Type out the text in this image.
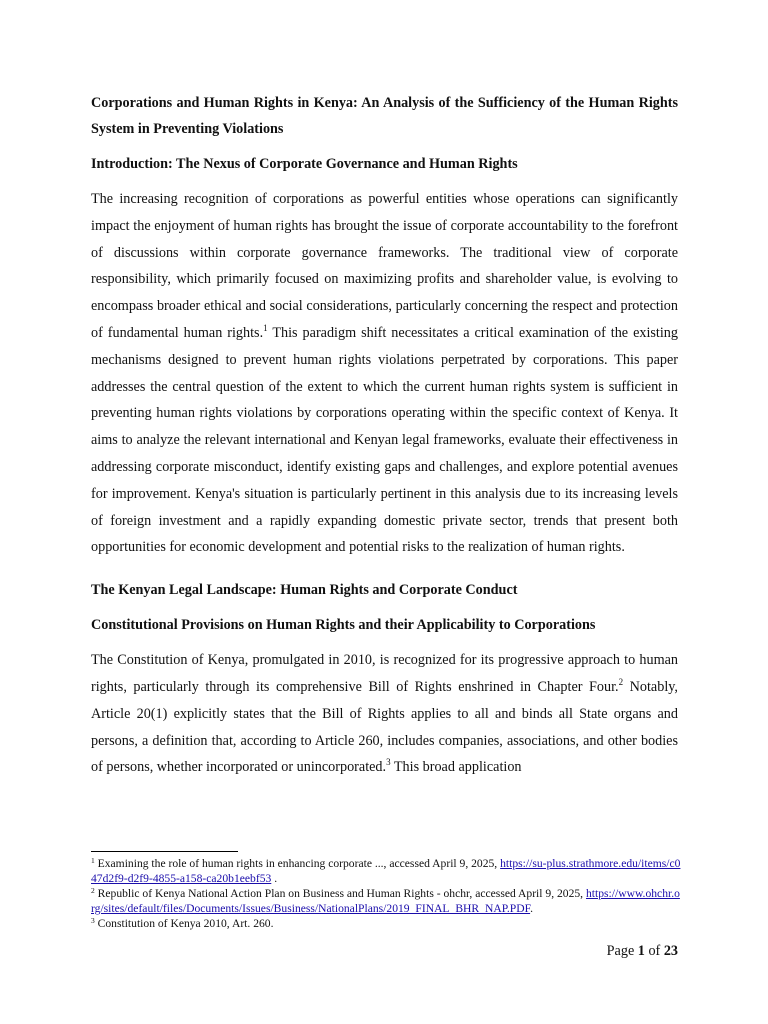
Corporations and Human Rights in Kenya: An Analysis of the Sufficiency of the Human Rights System in Preventing Violations

Introduction: The Nexus of Corporate Governance and Human Rights

The increasing recognition of corporations as powerful entities whose operations can significantly impact the enjoyment of human rights has brought the issue of corporate accountability to the forefront of discussions within corporate governance frameworks. The traditional view of corporate responsibility, which primarily focused on maximizing profits and shareholder value, is evolving to encompass broader ethical and social considerations, particularly concerning the respect and protection of fundamental human rights.$^1$ This paradigm shift necessitates a critical examination of the existing mechanisms designed to prevent human rights violations perpetrated by corporations. This paper addresses the central question of the extent to which the current human rights system is sufficient in preventing human rights violations by corporations operating within the specific context of Kenya. It aims to analyze the relevant international and Kenyan legal frameworks, evaluate their effectiveness in addressing corporate misconduct, identify existing gaps and challenges, and explore potential avenues for improvement. Kenya's situation is particularly pertinent in this analysis due to its increasing levels of foreign investment and a rapidly expanding domestic private sector, trends that present both opportunities for economic development and potential risks to the realization of human rights.

The Kenyan Legal Landscape: Human Rights and Corporate Conduct

Constitutional Provisions on Human Rights and their Applicability to Corporations

The Constitution of Kenya, promulgated in 2010, is recognized for its progressive approach to human rights, particularly through its comprehensive Bill of Rights enshrined in Chapter Four.$^2$ Notably, Article 20(1) explicitly states that the Bill of Rights applies to all and binds all State organs and persons, a definition that, according to Article 260, includes companies, associations, and other bodies of persons, whether incorporated or unincorporated.$^3$ This broad application

$^1$ Examining the role of human rights in enhancing corporate ..., accessed April 9, 2025, https://su-plus.strathmore.edu/items/c047d2f9-d2f9-4855-a158-ca20b1eebf53 .

$^2$ Republic of Kenya National Action Plan on Business and Human Rights - ohchr, accessed April 9, 2025, https://www.ohchr.org/sites/default/files/Documents/Issues/Business/NationalPlans/2019_FINAL_BHR_NAP.PDF.

$^3$ Constitution of Kenya 2010, Art. 260.

Page 1 of 23
